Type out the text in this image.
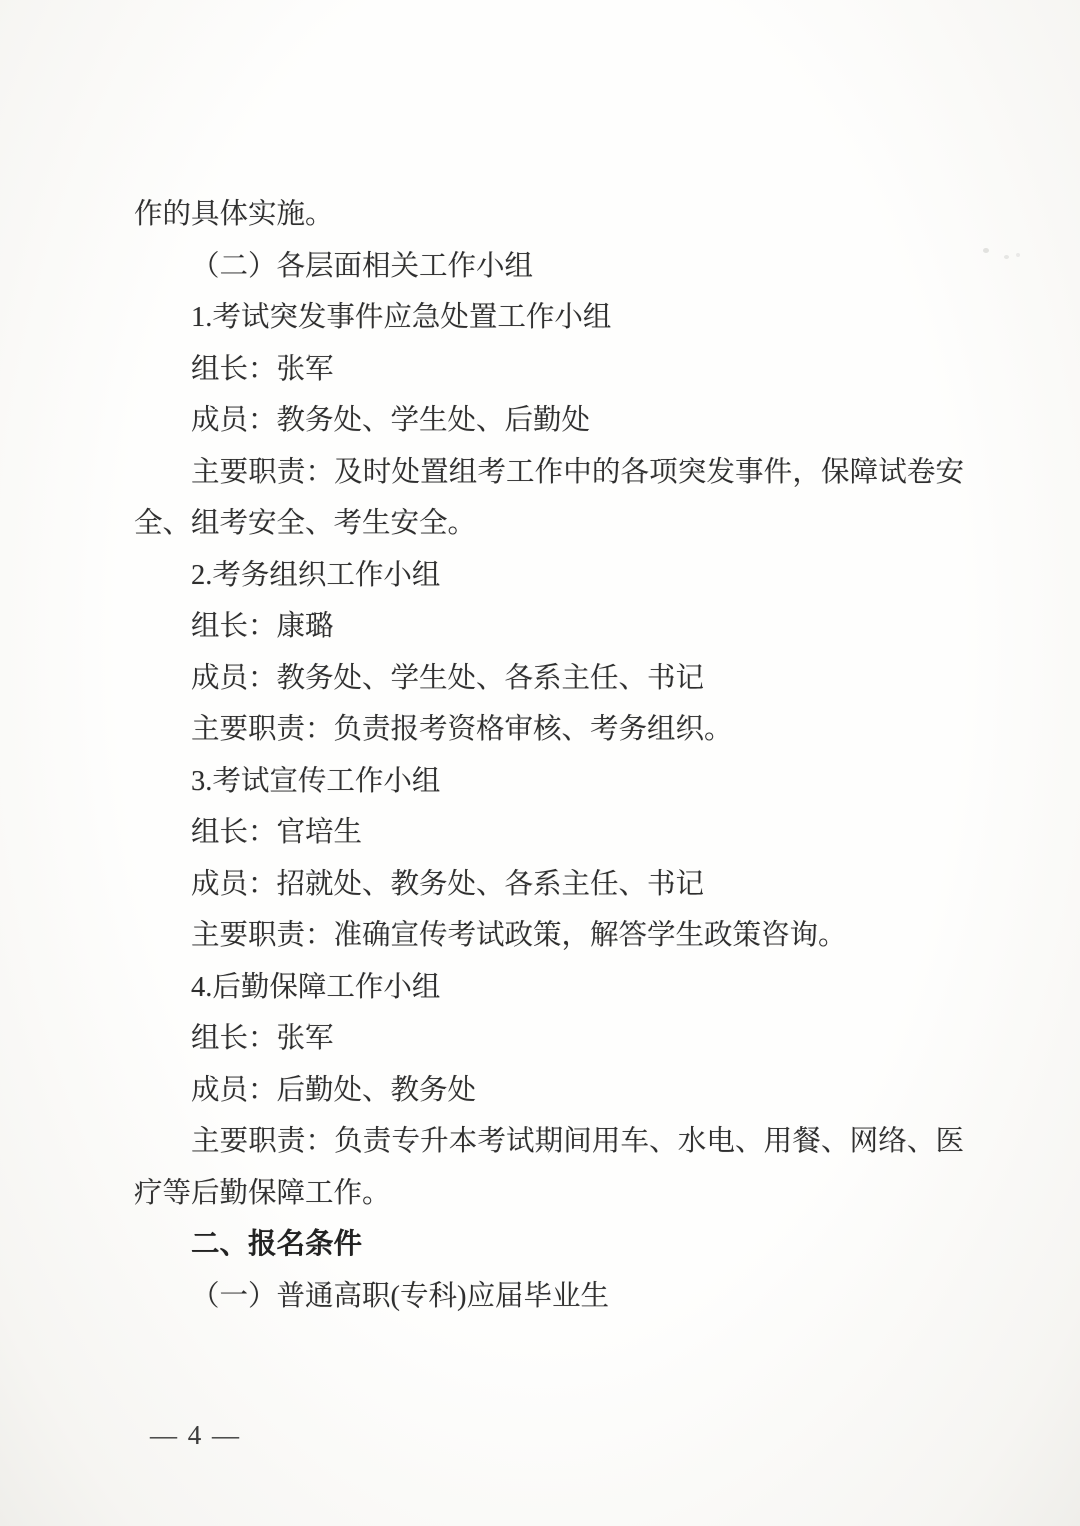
作的具体实施。

（二）各层面相关工作小组

1.考试突发事件应急处置工作小组

组长：张军

成员：教务处、学生处、后勤处

主要职责：及时处置组考工作中的各项突发事件，保障试卷安全、组考安全、考生安全。

2.考务组织工作小组

组长：康璐

成员：教务处、学生处、各系主任、书记

主要职责：负责报考资格审核、考务组织。

3.考试宣传工作小组

组长：官培生

成员：招就处、教务处、各系主任、书记

主要职责：准确宣传考试政策，解答学生政策咨询。

4.后勤保障工作小组

组长：张军

成员：后勤处、教务处

主要职责：负责专升本考试期间用车、水电、用餐、网络、医疗等后勤保障工作。

二、报名条件

（一）普通高职(专科)应届毕业生

— 4 —
